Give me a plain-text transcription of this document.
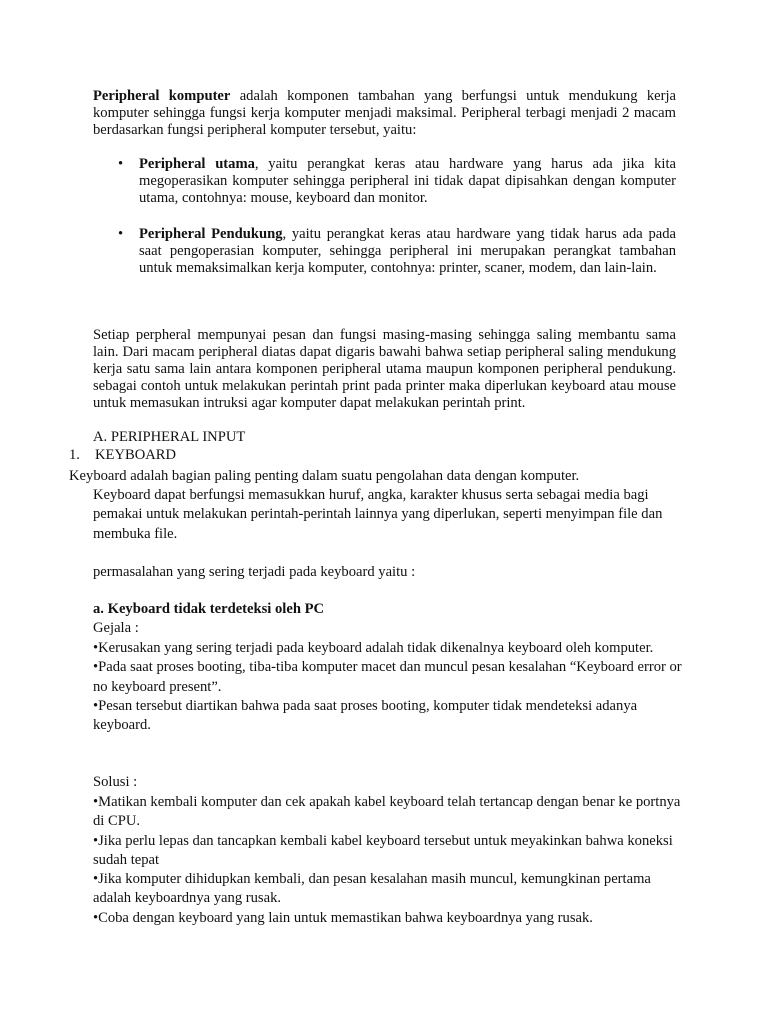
Peripheral komputer adalah komponen tambahan yang berfungsi untuk mendukung kerja komputer sehingga fungsi kerja komputer menjadi maksimal. Peripheral terbagi menjadi 2 macam berdasarkan fungsi peripheral komputer tersebut, yaitu:

•	Peripheral utama, yaitu perangkat keras atau hardware yang harus ada jika kita megoperasikan komputer sehingga peripheral ini tidak dapat dipisahkan dengan komputer utama, contohnya: mouse, keyboard dan monitor.
•	Peripheral Pendukung, yaitu perangkat keras atau hardware yang tidak harus ada pada saat pengoperasian komputer, sehingga peripheral ini merupakan perangkat tambahan untuk memaksimalkan kerja komputer, contohnya: printer, scaner, modem, dan lain-lain.

Setiap perpheral mempunyai pesan dan fungsi masing-masing sehingga saling membantu sama lain. Dari macam peripheral diatas dapat digaris bawahi bahwa setiap peripheral saling mendukung kerja satu sama lain antara komponen peripheral utama maupun komponen peripheral pendukung. sebagai contoh untuk melakukan perintah print pada printer maka diperlukan keyboard atau mouse untuk memasukan intruksi agar komputer dapat melakukan perintah print.

A. PERIPHERAL INPUT

1. KEYBOARD

Keyboard adalah bagian paling penting dalam suatu pengolahan data dengan komputer.

Keyboard dapat berfungsi memasukkan huruf, angka, karakter khusus serta sebagai media bagi pemakai untuk melakukan perintah-perintah lainnya yang diperlukan, seperti menyimpan file dan membuka file.

permasalahan yang sering terjadi pada keyboard yaitu :

a. Keyboard tidak terdeteksi oleh PC

Gejala :

•Kerusakan yang sering terjadi pada keyboard adalah tidak dikenalnya keyboard oleh komputer.
•Pada saat proses booting, tiba-tiba komputer macet dan muncul pesan kesalahan “Keyboard error or no keyboard present”.
•Pesan tersebut diartikan bahwa pada saat proses booting, komputer tidak mendeteksi adanya keyboard.

Solusi :

•Matikan kembali komputer dan cek apakah kabel keyboard telah tertancap dengan benar ke portnya di CPU.
•Jika perlu lepas dan tancapkan kembali kabel keyboard tersebut untuk meyakinkan bahwa koneksi sudah tepat
•Jika komputer dihidupkan kembali, dan pesan kesalahan masih muncul, kemungkinan pertama adalah keyboardnya yang rusak.
•Coba dengan keyboard yang lain untuk memastikan bahwa keyboardnya yang rusak.
